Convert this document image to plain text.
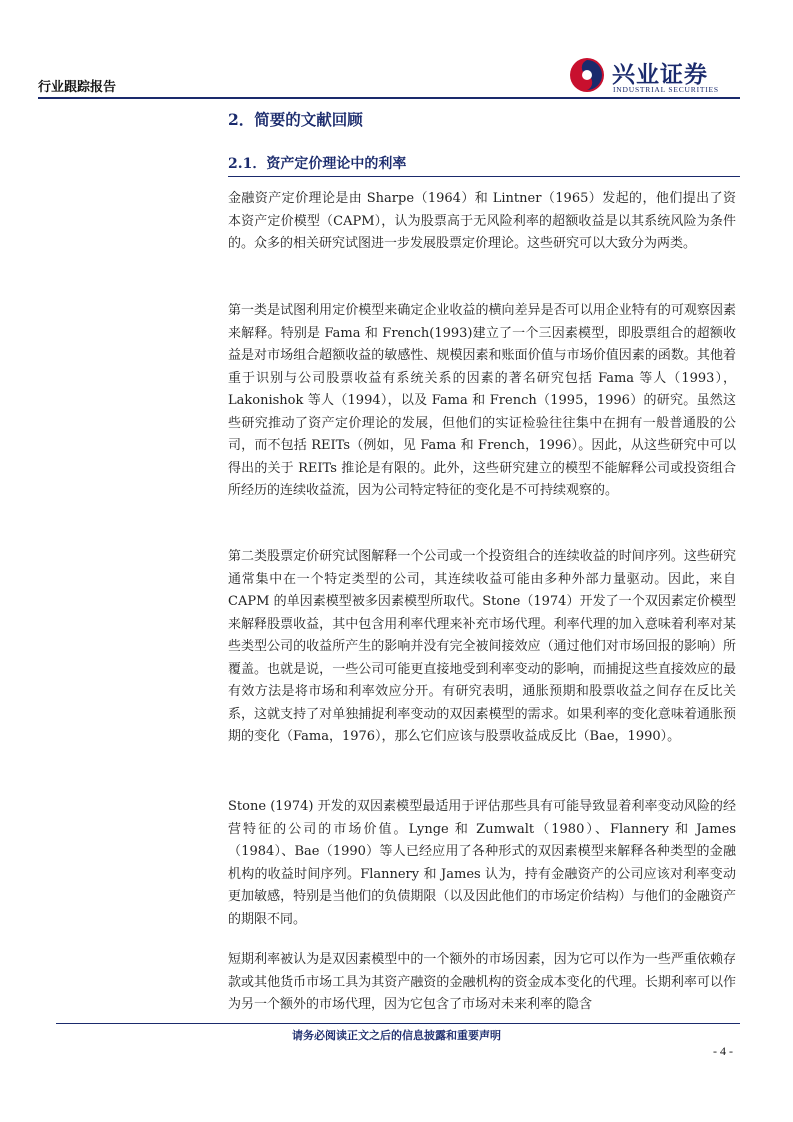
行业跟踪报告	兴业证券
INDUSTRIAL SECURITIES
2．简要的文献回顾
2.1．资产定价理论中的利率
金融资产定价理论是由 Sharpe（1964）和 Lintner（1965）发起的，他们提出了资本资产定价模型（CAPM），认为股票高于无风险利率的超额收益是以其系统风险为条件的。众多的相关研究试图进一步发展股票定价理论。这些研究可以大致分为两类。
第一类是试图利用定价模型来确定企业收益的横向差异是否可以用企业特有的可观察因素来解释。特别是 Fama 和 French(1993)建立了一个三因素模型，即股票组合的超额收益是对市场组合超额收益的敏感性、规模因素和账面价值与市场价值因素的函数。其他着重于识别与公司股票收益有系统关系的因素的著名研究包括 Fama 等人（1993），Lakonishok 等人（1994），以及 Fama 和 French（1995，1996）的研究。虽然这些研究推动了资产定价理论的发展，但他们的实证检验往往集中在拥有一般普通股的公司，而不包括 REITs（例如，见 Fama 和 French，1996）。因此，从这些研究中可以得出的关于 REITs 推论是有限的。此外，这些研究建立的模型不能解释公司或投资组合所经历的连续收益流，因为公司特定特征的变化是不可持续观察的。
第二类股票定价研究试图解释一个公司或一个投资组合的连续收益的时间序列。这些研究通常集中在一个特定类型的公司，其连续收益可能由多种外部力量驱动。因此，来自 CAPM 的单因素模型被多因素模型所取代。Stone（1974）开发了一个双因素定价模型来解释股票收益，其中包含用利率代理来补充市场代理。利率代理的加入意味着利率对某些类型公司的收益所产生的影响并没有完全被间接效应（通过他们对市场回报的影响）所覆盖。也就是说，一些公司可能更直接地受到利率变动的影响，而捕捉这些直接效应的最有效方法是将市场和利率效应分开。有研究表明，通胀预期和股票收益之间存在反比关系，这就支持了对单独捕捉利率变动的双因素模型的需求。如果利率的变化意味着通胀预期的变化（Fama，1976），那么它们应该与股票收益成反比（Bae，1990）。
Stone (1974) 开发的双因素模型最适用于评估那些具有可能导致显着利率变动风险的经营特征的公司的市场价值。Lynge 和 Zumwalt（1980）、Flannery 和 James（1984）、Bae（1990）等人已经应用了各种形式的双因素模型来解释各种类型的金融机构的收益时间序列。Flannery 和 James 认为，持有金融资产的公司应该对利率变动更加敏感，特别是当他们的负债期限（以及因此他们的市场定价结构）与他们的金融资产的期限不同。
短期利率被认为是双因素模型中的一个额外的市场因素，因为它可以作为一些严重依赖存款或其他货币市场工具为其资产融资的金融机构的资金成本变化的代理。长期利率可以作为另一个额外的市场代理，因为它包含了市场对未来利率的隐含
请务必阅读正文之后的信息披露和重要声明
- 4 -
